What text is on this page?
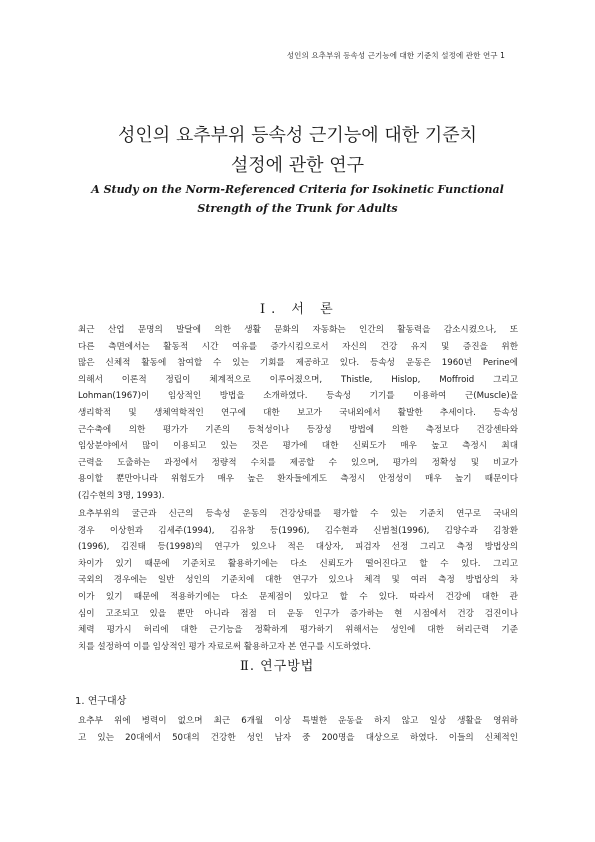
성인의 요추부위 등속성 근기능에 대한 기준치 설정에 관한 연구 1
성인의 요추부위 등속성 근기능에 대한 기준치
설정에 관한 연구
A Study on the Norm-Referenced Criteria for Isokinetic Functional
Strength of the Trunk for Adults
Ⅰ. 서 론
최근 산업 문명의 발달에 의한 생활 문화의 자동화는 인간의 활동력을 감소시켰으나, 또
다른 측면에서는 활동적 시간 여유를 증가시킴으로서 자신의 건강 유지 및 증진을 위한
많은 신체적 활동에 참여할 수 있는 기회를 제공하고 있다. 등속성 운동은 1960년 Perine에
의해서 이론적 정립이 체계적으로 이루어졌으며, Thistle, Hislop, Moffroid 그리고
Lohman(1967)이 임상적인 방법을 소개하였다. 등속성 기기를 이용하여 근(Muscle)을
생리학적 및 생체역학적인 연구에 대한 보고가 국내외에서 활발한 추세이다. 등속성
근수축에 의한 평가가 기존의 등척성이나 등장성 방법에 의한 측정보다 건강센타와
임상분야에서 많이 이용되고 있는 것은 평가에 대한 신뢰도가 매우 높고 측정시 최대
근력을 도출하는 과정에서 정량적 수치를 제공할 수 있으며, 평가의 정확성 및 비교가
용이할 뿐만아니라 위험도가 매우 높은 환자들에게도 측정시 안정성이 매우 높기 때문이다
(김수현의 3명, 1993).
요추부위의 굴근과 신근의 등속성 운동의 건강상태를 평가할 수 있는 기준치 연구로 국내의
경우 이상헌과 김세주(1994), 김유창 등(1996), 김수현과 신범철(1996), 김양수과 김창환
(1996), 김진태 등(1998)의 연구가 있으나 적은 대상자, 피검자 선정 그리고 측정 방법상의
차이가 있기 때문에 기준치로 활용하기에는 다소 신뢰도가 떨어진다고 할 수 있다. 그리고
국외의 경우에는 일반 성인의 기준치에 대한 연구가 있으나 체격 및 여러 측정 방법상의 차
이가 있기 때문에 적용하기에는 다소 문제점이 있다고 할 수 있다. 따라서 건강에 대한 관
심이 고조되고 있을 뿐만 아니라 점점 더 운동 인구가 증가하는 현 시점에서 건강 검진이나
체력 평가시 허리에 대한 근기능을 정확하게 평가하기 위해서는 성인에 대한 허리근력 기준
치를 설정하여 이를 임상적인 평가 자료로써 활용하고자 본 연구를 시도하였다.
Ⅱ. 연구방법
1. 연구대상
요추부 위에 병력이 없으며 최근 6개월 이상 특별한 운동을 하지 않고 일상 생활을 영위하
고 있는 20대에서 50대의 건강한 성인 남자 중 200명을 대상으로 하였다. 이들의 신체적인
